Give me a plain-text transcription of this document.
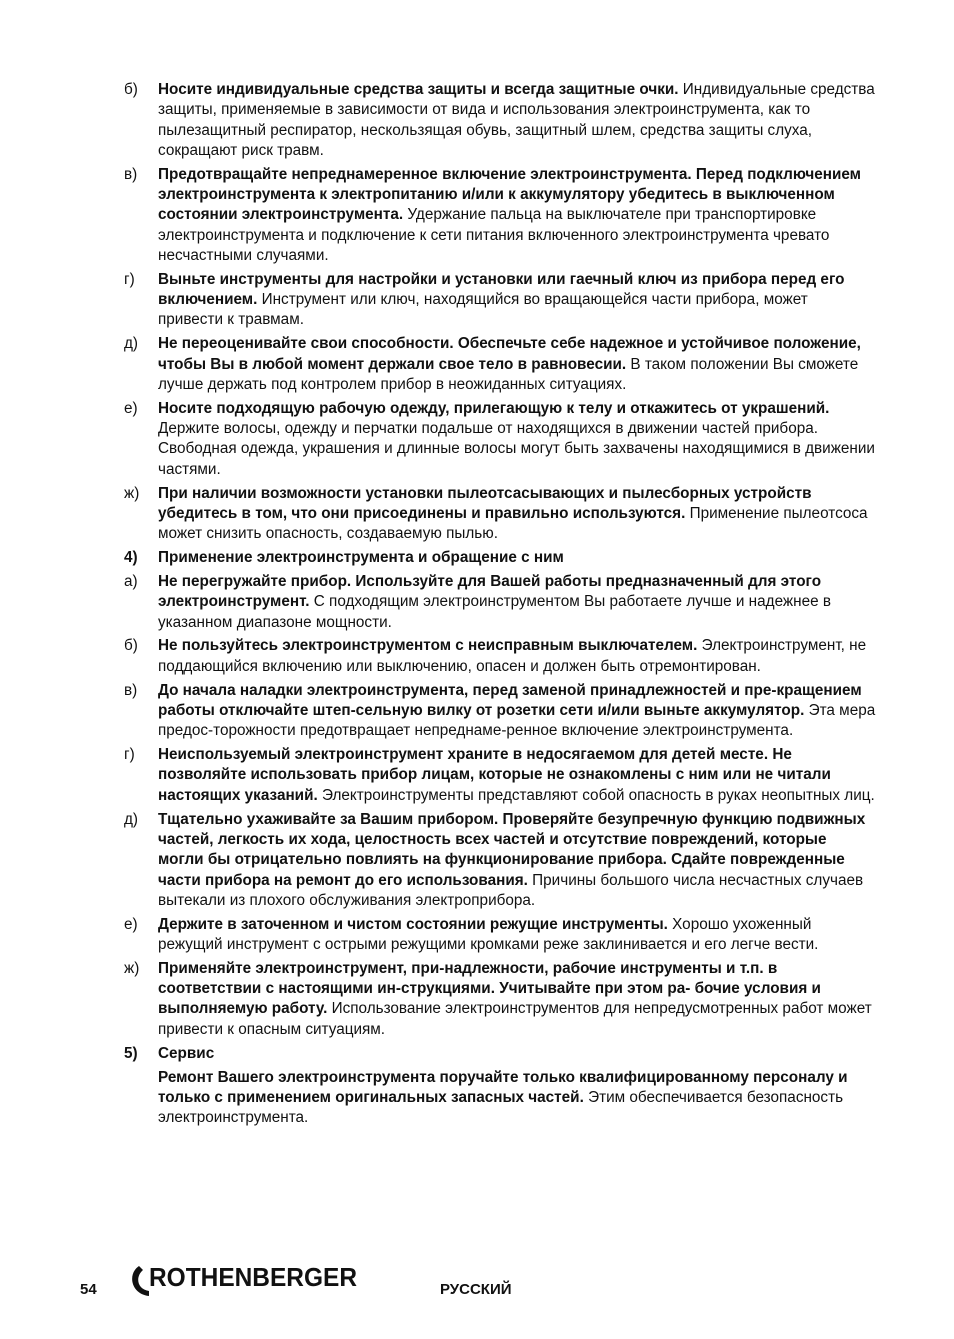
б)	Носите индивидуальные средства защиты и всегда защитные очки. Индивидуальные средства защиты, применяемые в зависимости от вида и использования электроинструмента, как то пылезащитный респиратор, нескользящая обувь, защитный шлем, средства защиты слуха, сокращают риск травм.
в)	Предотвращайте непреднамеренное включение электроинструмента. Перед подключением электроинструмента к электропитанию и/или к аккумулятору убедитесь в выключенном состоянии электроинструмента. Удержание пальца на выключателе при транспортировке электроинструмента и подключение к сети питания включенного электроинструмента чревато несчастными случаями.
г)	Выньте инструменты для настройки и установки или гаечный ключ из прибора перед его включением. Инструмент или ключ, находящийся во вращающейся части прибора, может привести к травмам.
д)	Не переоценивайте свои способности. Обеспечьте себе надежное и устойчивое положение, чтобы Вы в любой момент держали свое тело в равновесии. В таком положении Вы сможете лучше держать под контролем прибор в неожиданных ситуациях.
е)	Носите подходящую рабочую одежду, прилегающую к телу и откажитесь от украшений. Держите волосы, одежду и перчатки подальше от находящихся в движении частей прибора. Свободная одежда, украшения и длинные волосы могут быть захвачены находящимися в движении частями.
ж)	При наличии возможности установки пылеотсасывающих и пылесборных устройств убедитесь в том, что они присоединены и правильно используются. Применение пылеотсоса может снизить опасность, создаваемую пылью.
4)	Применение электроинструмента и обращение с ним
а)	Не перегружайте прибор. Используйте для Вашей работы предназначенный для этого электроинструмент. С подходящим электроинструментом Вы работаете лучше и надежнее в указанном диапазоне мощности.
б)	Не пользуйтесь электроинструментом с неисправным выключателем. Электроинструмент, не поддающийся включению или выключению, опасен и должен быть отремонтирован.
в)	До начала наладки электроинструмента, перед заменой принадлежностей и пре-кращением работы отключайте штеп-сельную вилку от розетки сети и/или выньте аккумулятор. Эта мера предос-торожности предотвращает непреднаме-ренное включение электроинструмента.
г)	Неиспользуемый электроинструмент храните в недосягаемом для детей месте. Не позволяйте использовать прибор лицам, которые не ознакомлены с ним или не читали настоящих указаний. Электроинструменты представляют собой опасность в руках неопытных лиц.
д)	Тщательно ухаживайте за Вашим прибором. Проверяйте безупречную функцию подвижных частей, легкость их хода, целостность всех частей и отсутствие повреждений, которые могли бы отрицательно повлиять на функционирование прибора. Сдайте поврежденные части прибора на ремонт до его использования. Причины большого числа несчастных случаев вытекали из плохого обслуживания электроприбора.
е)	Держите в заточенном и чистом состоянии режущие инструменты. Хорошо ухоженный режущий инструмент с острыми режущими кромками реже заклинивается и его легче вести.
ж)	Применяйте электроинструмент, при-надлежности, рабочие инструменты и т.п. в соответствии с настоящими ин-струкциями. Учитывайте при этом ра- бочие условия и выполняемую работу. Использование электроинструментов для непредусмотренных работ может привести к опасным ситуациям.
5)	Сервис
Ремонт Вашего электроинструмента поручайте только квалифицированному персоналу и только с применением оригинальных запасных частей. Этим обеспечивается безопасность электроинструмента.
54 ROTHENBERGER	РУССКИЙ
